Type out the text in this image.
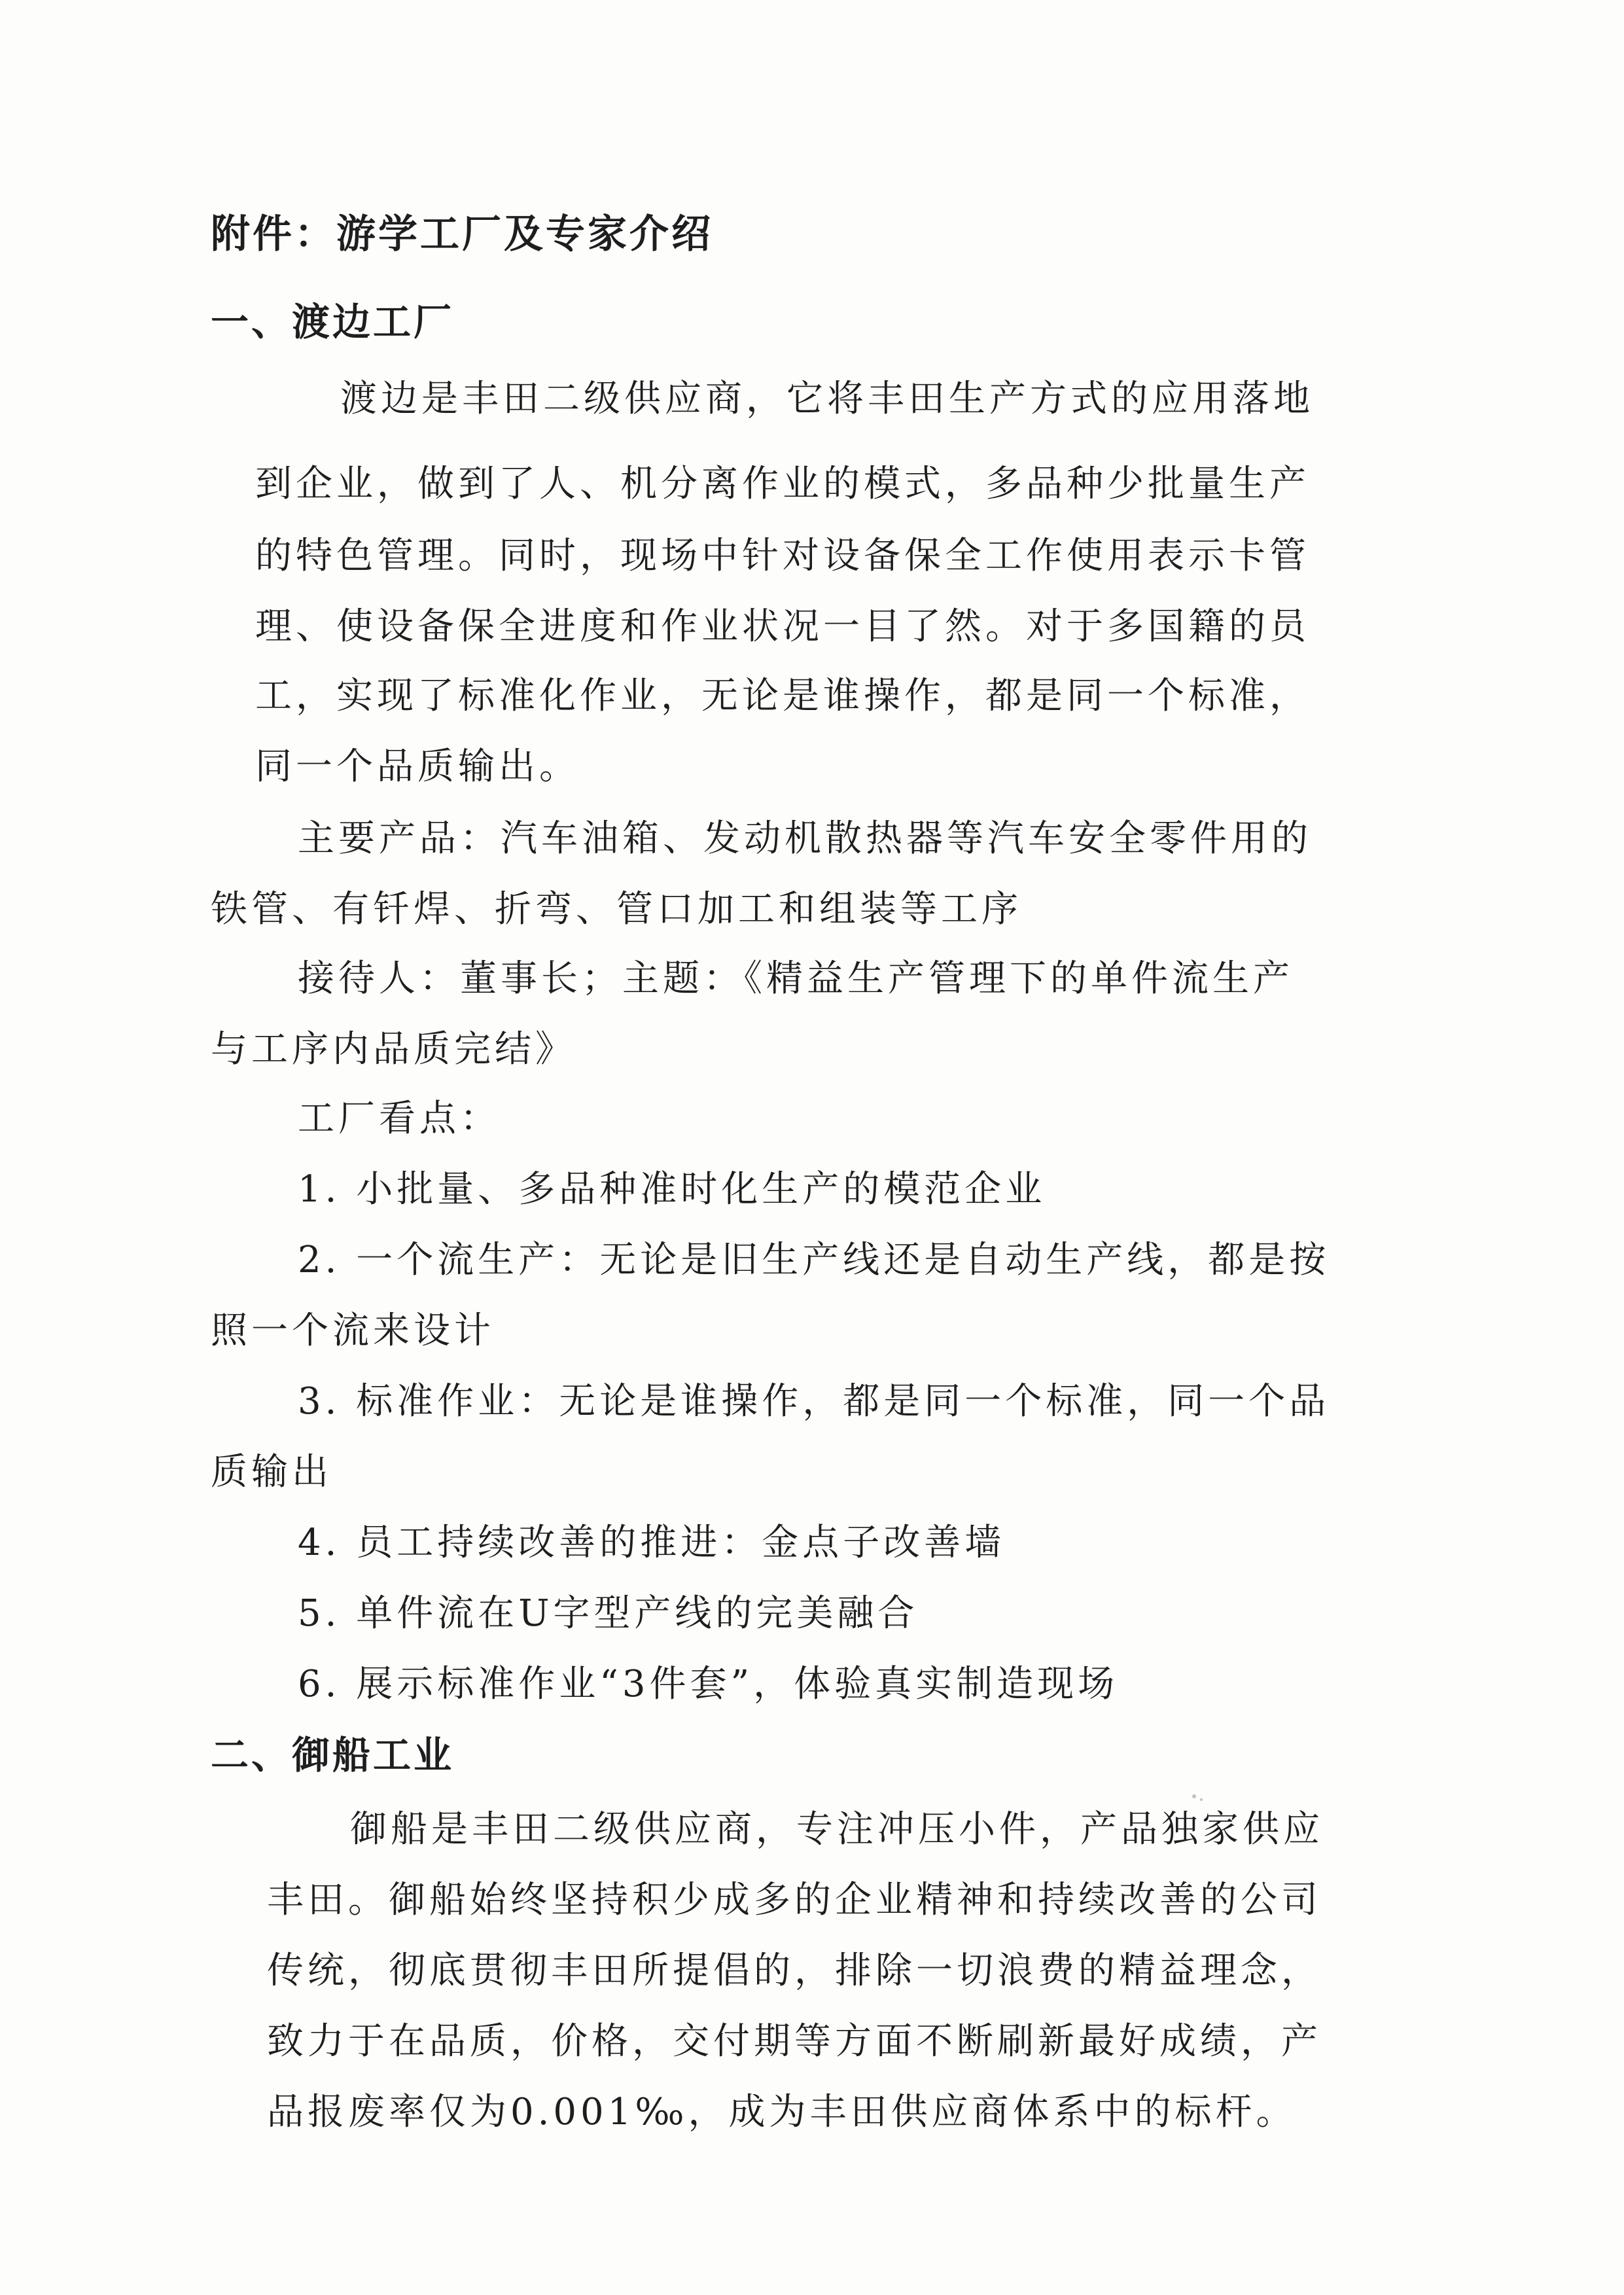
附件：游学工厂及专家介绍
一、渡边工厂
渡边是丰田二级供应商，它将丰田生产方式的应用落地
到企业，做到了人、机分离作业的模式，多品种少批量生产
的特色管理。同时，现场中针对设备保全工作使用表示卡管
理、使设备保全进度和作业状况一目了然。对于多国籍的员
工，实现了标准化作业，无论是谁操作，都是同一个标准，
同一个品质输出。
主要产品：汽车油箱、发动机散热器等汽车安全零件用的
铁管、有钎焊、折弯、管口加工和组装等工序
接待人：董事长；主题：《精益生产管理下的单件流生产
与工序内品质完结》
工厂看点：
1. 小批量、多品种准时化生产的模范企业
2. 一个流生产：无论是旧生产线还是自动生产线，都是按
照一个流来设计
3. 标准作业：无论是谁操作，都是同一个标准，同一个品
质输出
4. 员工持续改善的推进：金点子改善墙
5. 单件流在U字型产线的完美融合
6. 展示标准作业“3件套”，体验真实制造现场
二、御船工业
御船是丰田二级供应商，专注冲压小件，产品独家供应
丰田。御船始终坚持积少成多的企业精神和持续改善的公司
传统，彻底贯彻丰田所提倡的，排除一切浪费的精益理念，
致力于在品质，价格，交付期等方面不断刷新最好成绩，产
品报废率仅为0.001‰，成为丰田供应商体系中的标杆。
